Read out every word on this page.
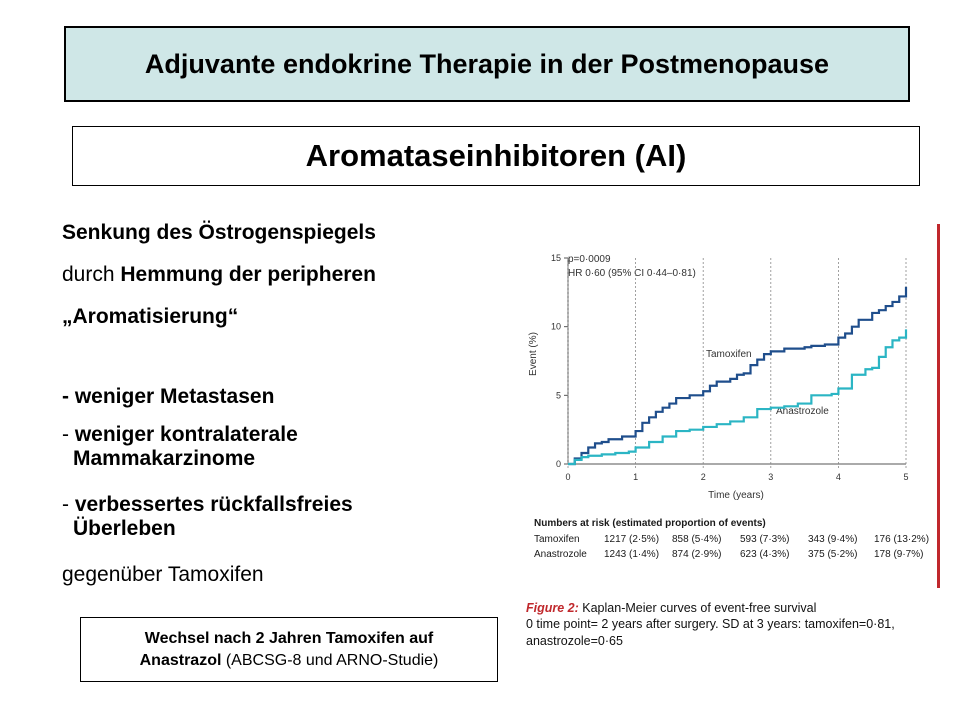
Adjuvante endokrine Therapie in der Postmenopause
Aromataseinhibitoren (AI)
Senkung des Östrogenspiegels
durch Hemmung der peripheren
„Aromatisierung“
- weniger Metastasen
- weniger kontralaterale
Mammakarzinome
- verbessertes rückfallsfreies
Überleben
gegenüber Tamoxifen
Wechsel nach 2 Jahren Tamoxifen auf
Anastrazol (ABCSG-8 und ARNO-Studie)
Event (%)
Time (years)
p=0·0009
HR 0·60 (95% CI 0·44–0·81)
Tamoxifen
Anastrozole
0
5
10
15
0	1	2	3	4	5
Numbers at risk (estimated proportion of events)
Tamoxifen 1217 (2·5%) 858 (5·4%) 593 (7·3%) 343 (9·4%) 176 (13·2%)
Anastrozole 1243 (1·4%) 874 (2·9%) 623 (4·3%) 375 (5·2%) 178 (9·7%)
Figure 2: Kaplan-Meier curves of event-free survival
0 time point= 2 years after surgery. SD at 3 years: tamoxifen=0·81,
anastrozole=0·65
